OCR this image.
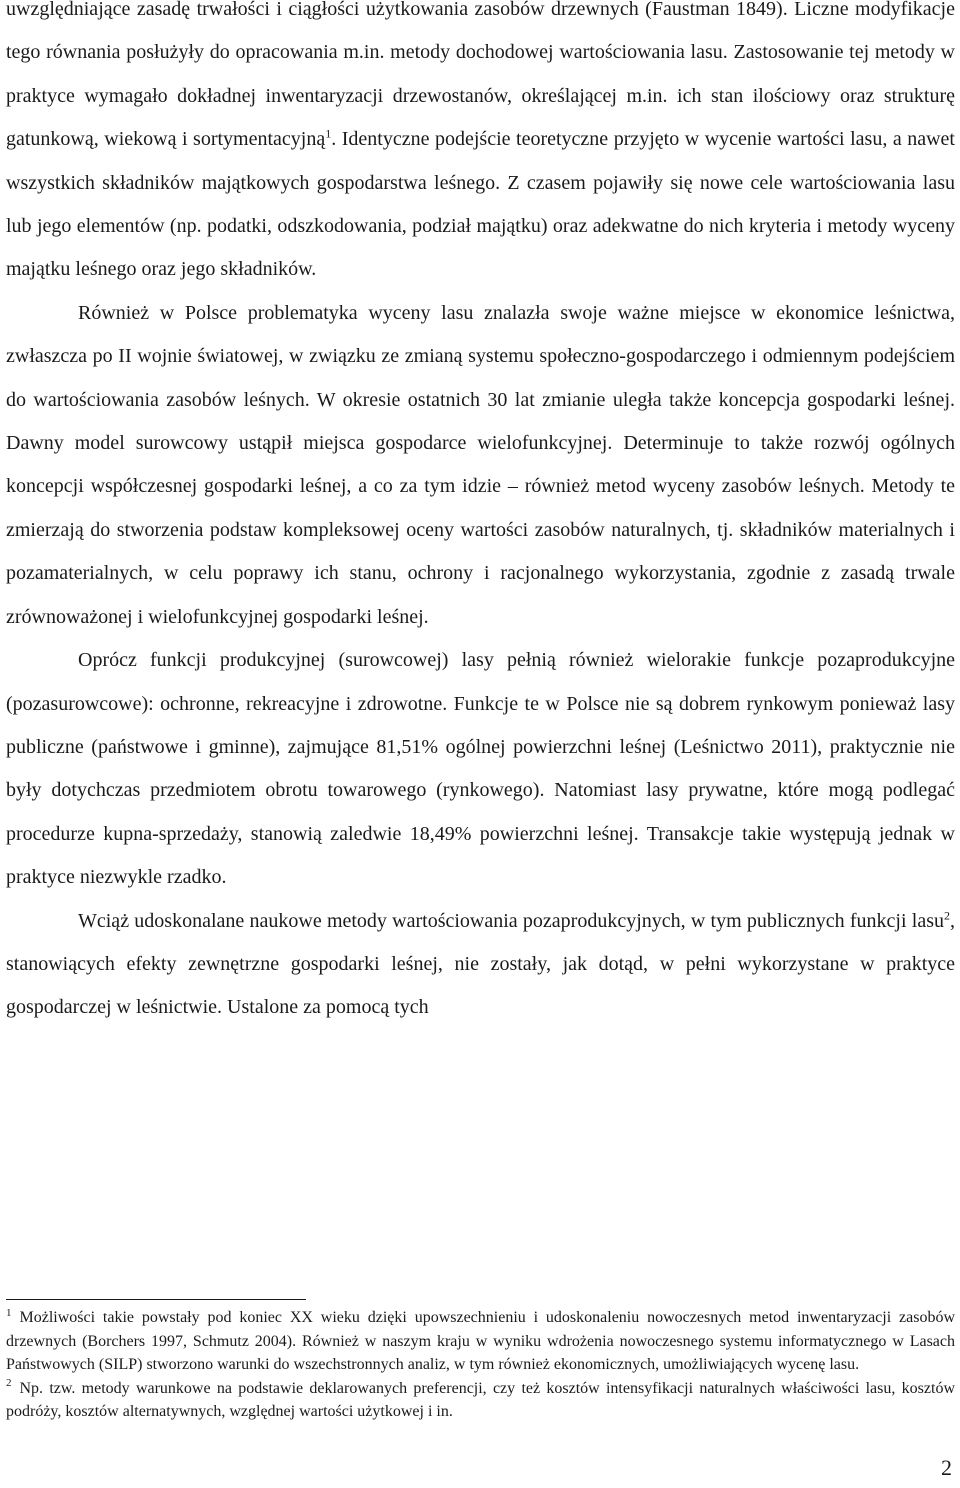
uwzględniające zasadę trwałości i ciągłości użytkowania zasobów drzewnych (Faustman 1849). Liczne modyfikacje tego równania posłużyły do opracowania m.in. metody dochodowej wartościowania lasu. Zastosowanie tej metody w praktyce wymagało dokładnej inwentaryzacji drzewostanów, określającej m.in. ich stan ilościowy oraz strukturę gatunkową, wiekową i sortymentacyjną$^1$. Identyczne podejście teoretyczne przyjęto w wycenie wartości lasu, a nawet wszystkich składników majątkowych gospodarstwa leśnego. Z czasem pojawiły się nowe cele wartościowania lasu lub jego elementów (np. podatki, odszkodowania, podział majątku) oraz adekwatne do nich kryteria i metody wyceny majątku leśnego oraz jego składników.

Również w Polsce problematyka wyceny lasu znalazła swoje ważne miejsce w ekonomice leśnictwa, zwłaszcza po II wojnie światowej, w związku ze zmianą systemu społeczno-gospodarczego i odmiennym podejściem do wartościowania zasobów leśnych. W okresie ostatnich 30 lat zmianie uległa także koncepcja gospodarki leśnej. Dawny model surowcowy ustąpił miejsca gospodarce wielofunkcyjnej. Determinuje to także rozwój ogólnych koncepcji współczesnej gospodarki leśnej, a co za tym idzie – również metod wyceny zasobów leśnych. Metody te zmierzają do stworzenia podstaw kompleksowej oceny wartości zasobów naturalnych, tj. składników materialnych i pozamaterialnych, w celu poprawy ich stanu, ochrony i racjonalnego wykorzystania, zgodnie z zasadą trwale zrównoważonej i wielofunkcyjnej gospodarki leśnej.

Oprócz funkcji produkcyjnej (surowcowej) lasy pełnią również wielorakie funkcje pozaprodukcyjne (pozasurowcowe): ochronne, rekreacyjne i zdrowotne. Funkcje te w Polsce nie są dobrem rynkowym ponieważ lasy publiczne (państwowe i gminne), zajmujące 81,51% ogólnej powierzchni leśnej (Leśnictwo 2011), praktycznie nie były dotychczas przedmiotem obrotu towarowego (rynkowego). Natomiast lasy prywatne, które mogą podlegać procedurze kupna-sprzedaży, stanowią zaledwie 18,49% powierzchni leśnej. Transakcje takie występują jednak w praktyce niezwykle rzadko.

Wciąż udoskonalane naukowe metody wartościowania pozaprodukcyjnych, w tym publicznych funkcji lasu$^2$, stanowiących efekty zewnętrzne gospodarki leśnej, nie zostały, jak dotąd, w pełni wykorzystane w praktyce gospodarczej w leśnictwie. Ustalone za pomocą tych

$^1$ Możliwości takie powstały pod koniec XX wieku dzięki upowszechnieniu i udoskonaleniu nowoczesnych metod inwentaryzacji zasobów drzewnych (Borchers 1997, Schmutz 2004). Również w naszym kraju w wyniku wdrożenia nowoczesnego systemu informatycznego w Lasach Państwowych (SILP) stworzono warunki do wszechstronnych analiz, w tym również ekonomicznych, umożliwiających wycenę lasu.

$^2$ Np. tzw. metody warunkowe na podstawie deklarowanych preferencji, czy też kosztów intensyfikacji naturalnych właściwości lasu, kosztów podróży, kosztów alternatywnych, względnej wartości użytkowej i in.

2
